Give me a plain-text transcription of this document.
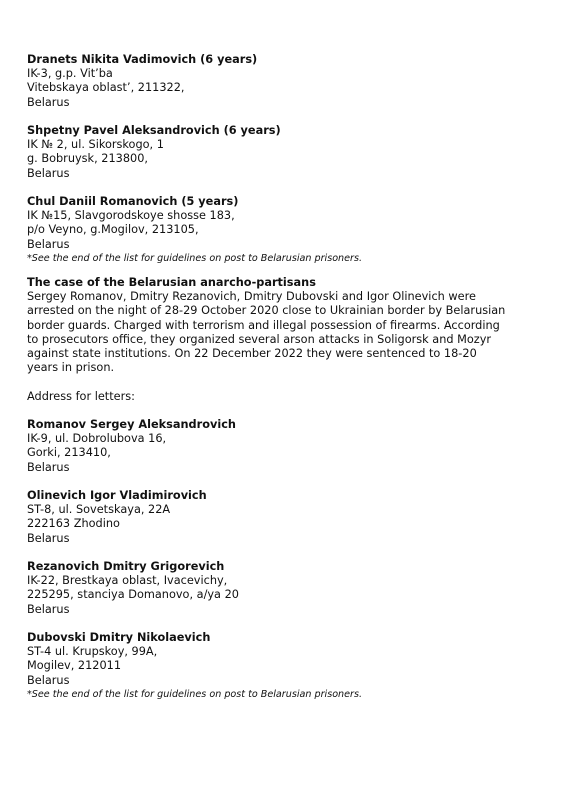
Dranets Nikita Vadimovich (6 years)
IK-3, g.p. Vit’ba
Vitebskaya oblast’, 211322,
Belarus
Shpetny Pavel Aleksandrovich (6 years)
IK № 2, ul. Sikorskogo, 1
g. Bobruysk, 213800,
Belarus
Chul Daniil Romanovich (5 years)
IK №15, Slavgorodskoye shosse 183,
p/o Veyno, g.Mogilov, 213105,
Belarus
*See the end of the list for guidelines on post to Belarusian prisoners.
The case of the Belarusian anarcho-partisans
Sergey Romanov, Dmitry Rezanovich, Dmitry Dubovski and Igor Olinevich were
arrested on the night of 28-29 October 2020 close to Ukrainian border by Belarusian
border guards. Charged with terrorism and illegal possession of firearms. According
to prosecutors office, they organized several arson attacks in Soligorsk and Mozyr
against state institutions. On 22 December 2022 they were sentenced to 18-20
years in prison.
Address for letters:
Romanov Sergey Aleksandrovich
IK-9, ul. Dobrolubova 16,
Gorki, 213410,
Belarus
Olinevich Igor Vladimirovich
ST-8, ul. Sovetskaya, 22A
222163 Zhodino
Belarus
Rezanovich Dmitry Grigorevich
IK-22, Brestkaya oblast, Ivacevichy,
225295, stanciya Domanovo, a/ya 20
Belarus
Dubovski Dmitry Nikolaevich
ST-4 ul. Krupskoy, 99A,
Mogilev, 212011
Belarus
*See the end of the list for guidelines on post to Belarusian prisoners.
